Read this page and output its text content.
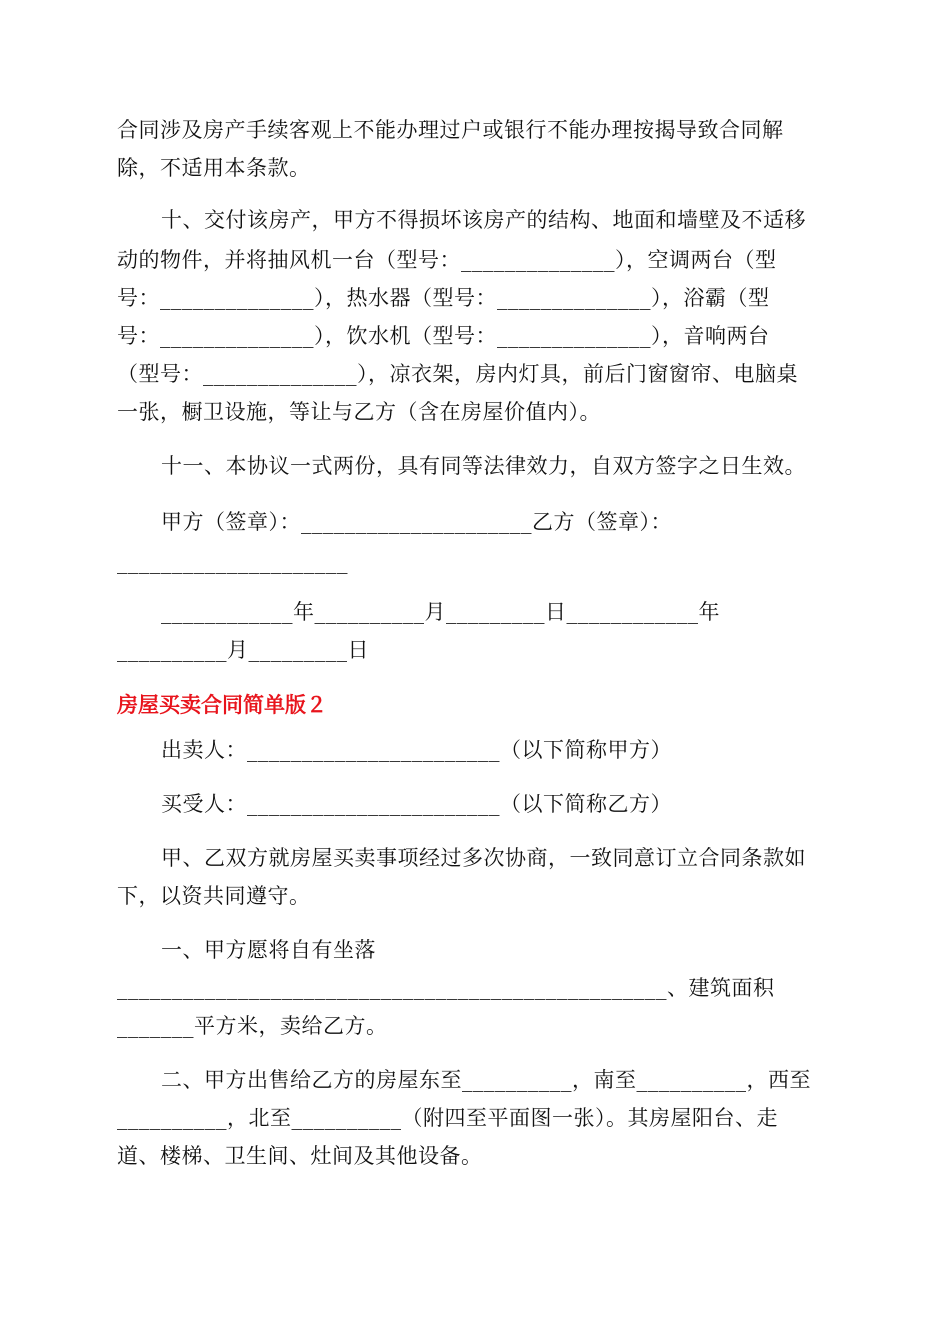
合同涉及房产手续客观上不能办理过户或银行不能办理按揭导致合同解
除，不适用本条款。
十、交付该房产，甲方不得损坏该房产的结构、地面和墙壁及不适移
动的物件，并将抽风机一台（型号：______________），空调两台（型
号：______________），热水器（型号：______________），浴霸（型
号：______________），饮水机（型号：______________），音响两台
（型号：______________），凉衣架，房内灯具，前后门窗窗帘、电脑桌
一张，橱卫设施，等让与乙方（含在房屋价值内）。
十一、本协议一式两份，具有同等法律效力，自双方签字之日生效。
甲方（签章）：_____________________乙方（签章）：
_____________________
____________年__________月_________日____________年
__________月_________日
房屋买卖合同简单版２
出卖人：_______________________（以下简称甲方）
买受人：_______________________（以下简称乙方）
甲、乙双方就房屋买卖事项经过多次协商，一致同意订立合同条款如
下，以资共同遵守。
一、甲方愿将自有坐落
__________________________________________________、建筑面积
_______平方米，卖给乙方。
二、甲方出售给乙方的房屋东至__________，南至__________，西至
__________，北至__________（附四至平面图一张）。其房屋阳台、走
道、楼梯、卫生间、灶间及其他设备。
